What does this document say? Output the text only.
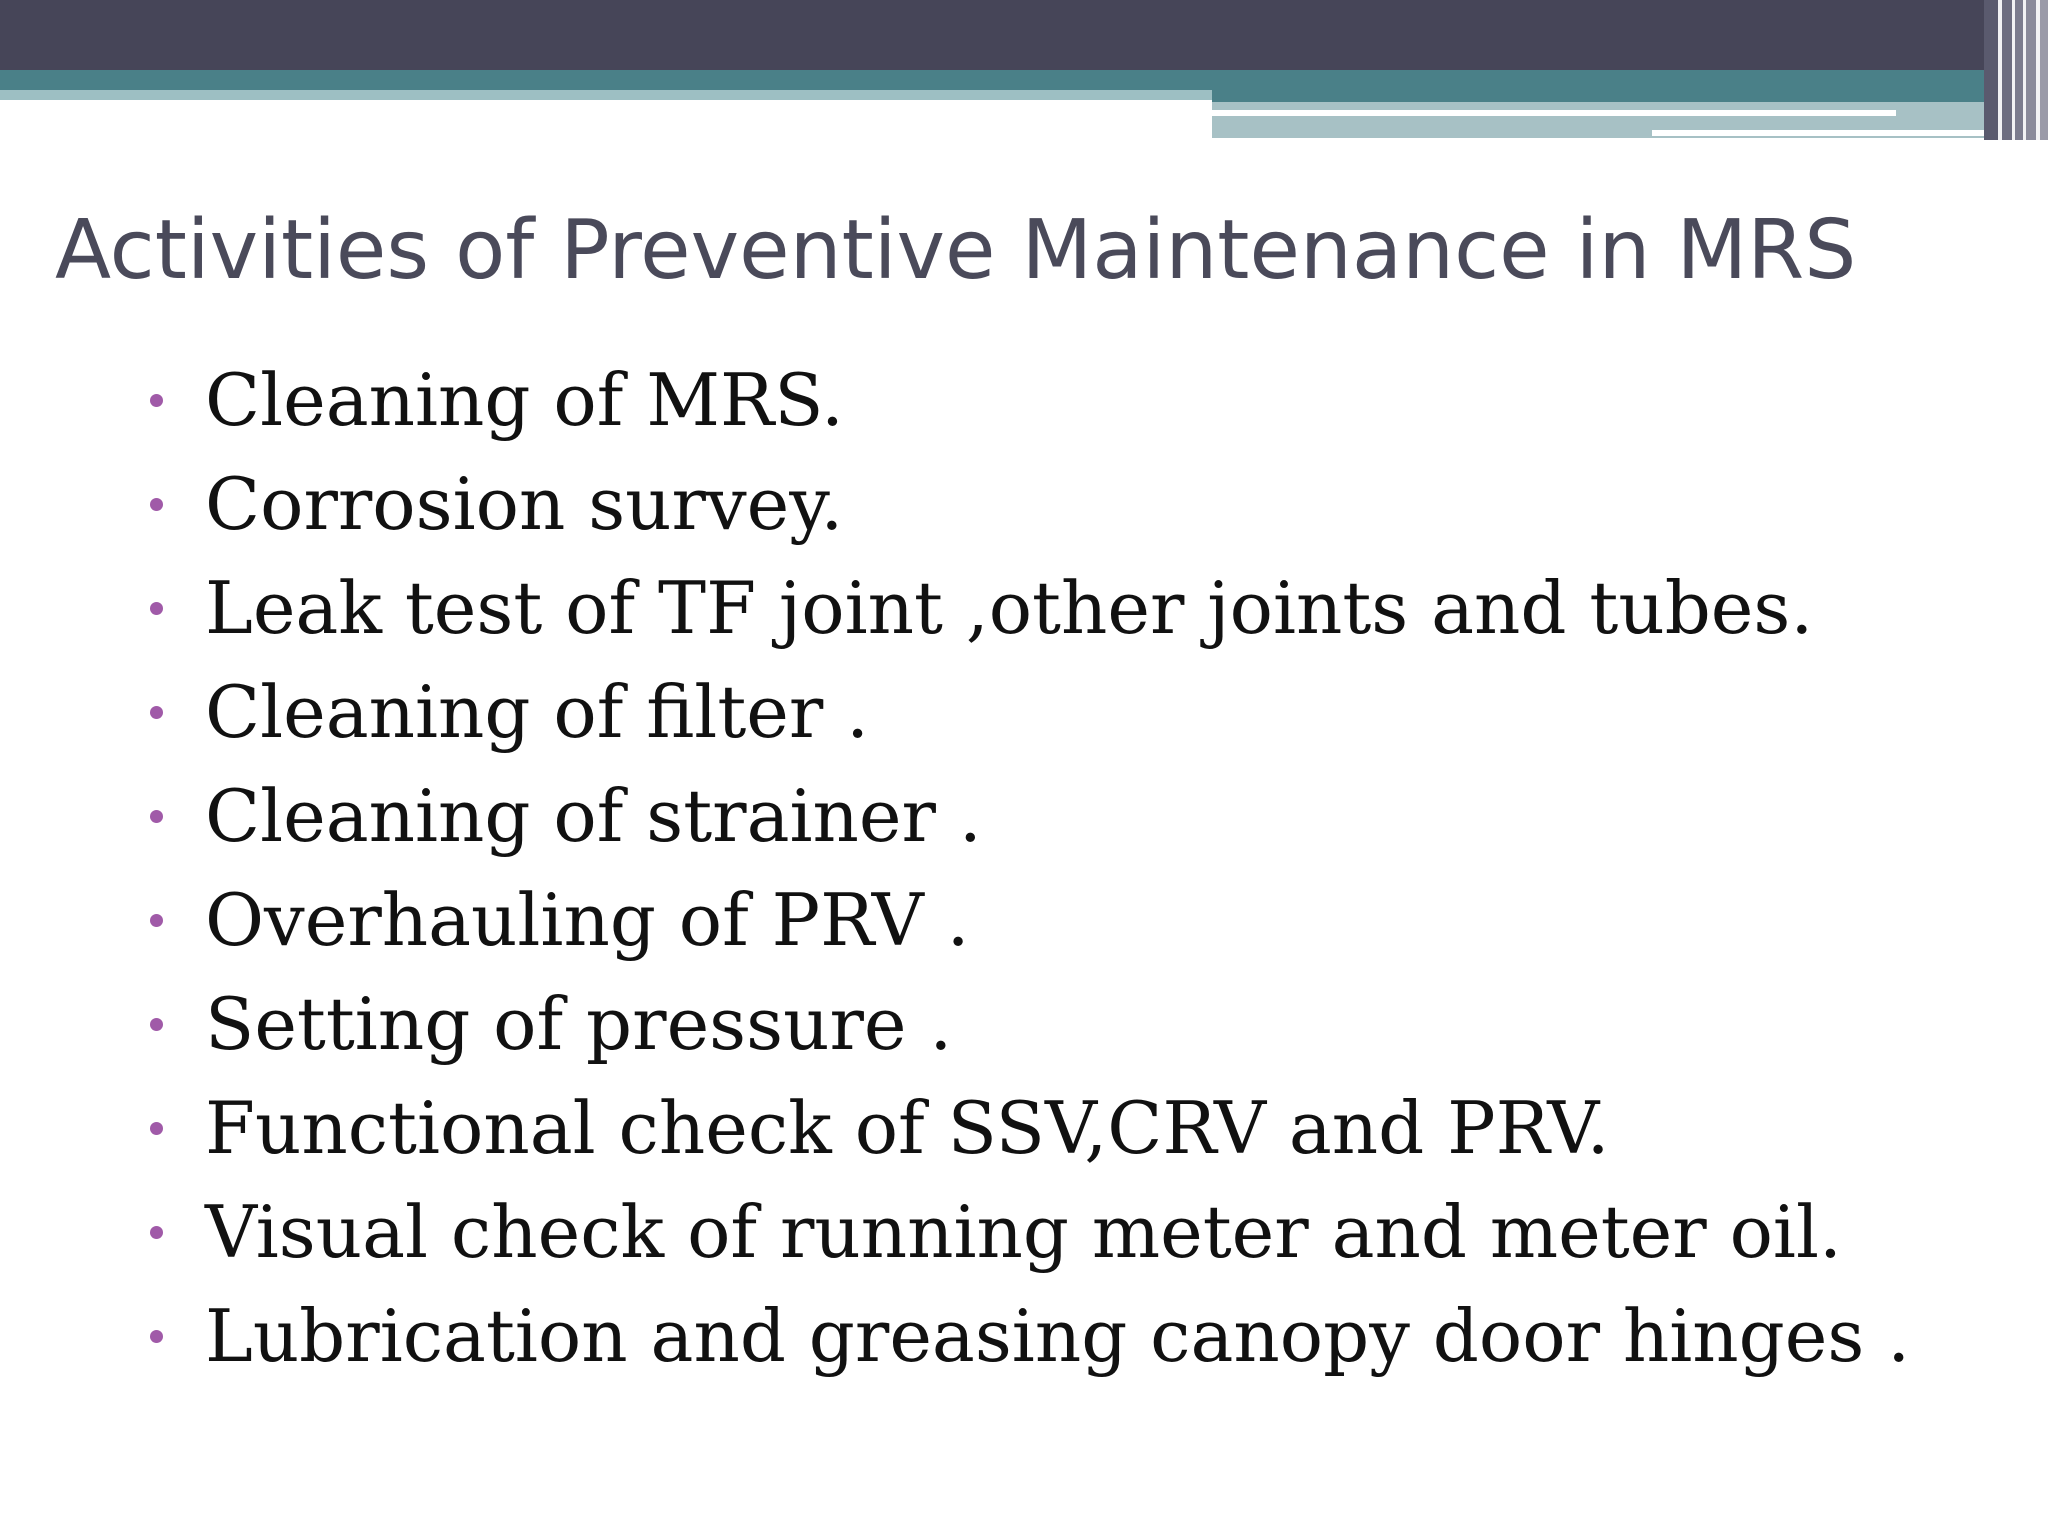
Activities of Preventive Maintenance in MRS
Cleaning of MRS.
Corrosion survey.
Leak test of TF joint ,other joints and tubes.
Cleaning of filter .
Cleaning of strainer .
Overhauling of PRV .
Setting of pressure .
Functional check of SSV,CRV and PRV.
Visual check of running meter and meter oil.
Lubrication and greasing canopy door hinges .
